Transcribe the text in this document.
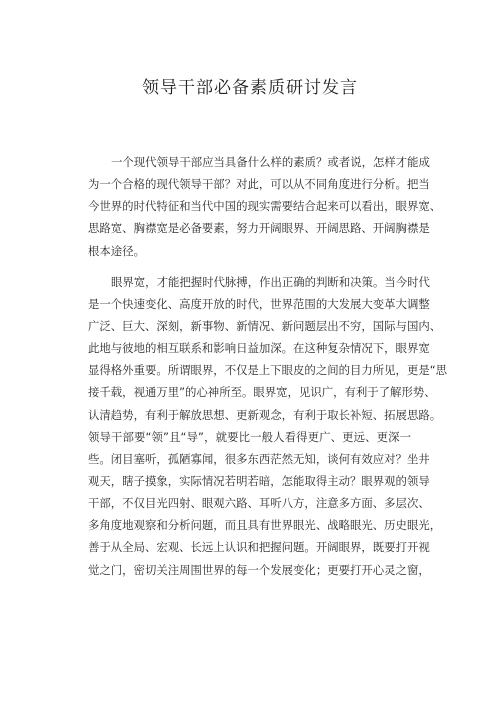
领导干部必备素质研讨发言
一个现代领导干部应当具备什么样的素质？或者说，怎样才能成
为一个合格的现代领导干部？对此，可以从不同角度进行分析。把当
今世界的时代特征和当代中国的现实需要结合起来可以看出，眼界宽、
思路宽、胸襟宽是必备要素，努力开阔眼界、开阔思路、开阔胸襟是
根本途径。
眼界宽，才能把握时代脉搏，作出正确的判断和决策。当今时代
是一个快速变化、高度开放的时代，世界范围的大发展大变革大调整
广泛、巨大、深刻，新事物、新情况、新问题层出不穷，国际与国内、
此地与彼地的相互联系和影响日益加深。在这种复杂情况下，眼界宽
显得格外重要。所谓眼界，不仅是上下眼皮的之间的目力所见，更是“思
接千载，视通万里”的心神所至。眼界宽，见识广，有利于了解形势、
认清趋势，有利于解放思想、更新观念，有利于取长补短、拓展思路。
领导干部要“领”且“导”，就要比一般人看得更广、更远、更深一
些。闭目塞听，孤陋寡闻，很多东西茫然无知，谈何有效应对？坐井
观天，瞎子摸象，实际情况若明若暗，怎能取得主动？眼界观的领导
干部，不仅目光四射、眼观六路、耳听八方，注意多方面、多层次、
多角度地观察和分析问题，而且具有世界眼光、战略眼光、历史眼光，
善于从全局、宏观、长远上认识和把握问题。开阔眼界，既要打开视
觉之门，密切关注周围世界的每一个发展变化；更要打开心灵之窗，
